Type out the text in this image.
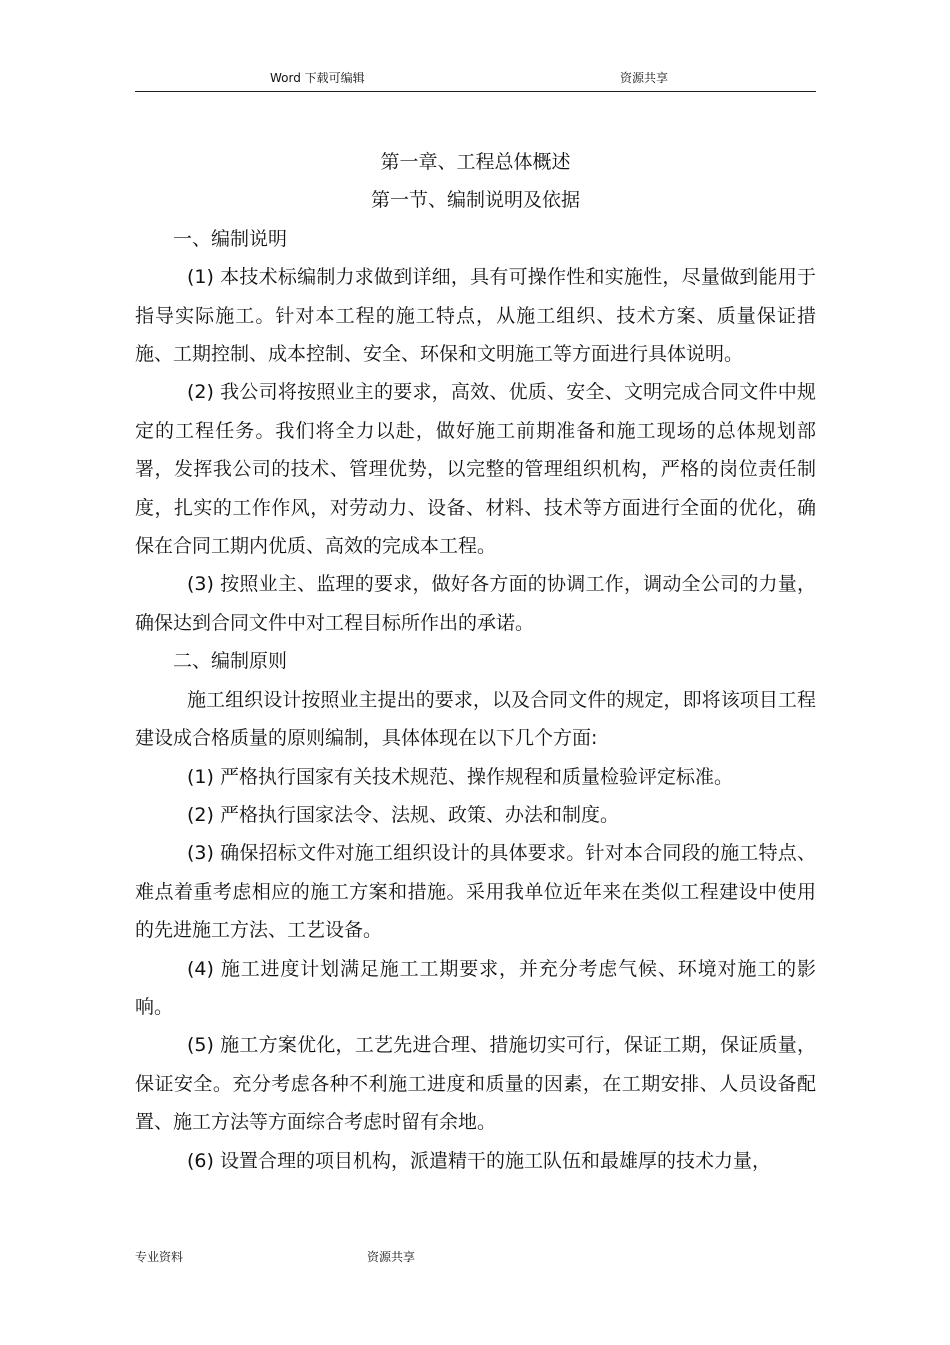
Word 下载可编辑	资源共享

第一章、工程总体概述

第一节、编制说明及依据

一、编制说明

(1) 本技术标编制力求做到详细，具有可操作性和实施性，尽量做到能用于指导实际施工。针对本工程的施工特点，从施工组织、技术方案、质量保证措施、工期控制、成本控制、安全、环保和文明施工等方面进行具体说明。

(2) 我公司将按照业主的要求，高效、优质、安全、文明完成合同文件中规定的工程任务。我们将全力以赴，做好施工前期准备和施工现场的总体规划部署，发挥我公司的技术、管理优势，以完整的管理组织机构，严格的岗位责任制度，扎实的工作作风，对劳动力、设备、材料、技术等方面进行全面的优化，确保在合同工期内优质、高效的完成本工程。

(3) 按照业主、监理的要求，做好各方面的协调工作，调动全公司的力量，确保达到合同文件中对工程目标所作出的承诺。

二、编制原则

施工组织设计按照业主提出的要求，以及合同文件的规定，即将该项目工程建设成合格质量的原则编制，具体体现在以下几个方面:

(1) 严格执行国家有关技术规范、操作规程和质量检验评定标准。

(2) 严格执行国家法令、法规、政策、办法和制度。

(3) 确保招标文件对施工组织设计的具体要求。针对本合同段的施工特点、难点着重考虑相应的施工方案和措施。采用我单位近年来在类似工程建设中使用的先进施工方法、工艺设备。

(4) 施工进度计划满足施工工期要求，并充分考虑气候、环境对施工的影响。

(5) 施工方案优化，工艺先进合理、措施切实可行，保证工期，保证质量，保证安全。充分考虑各种不利施工进度和质量的因素，在工期安排、人员设备配置、施工方法等方面综合考虑时留有余地。

(6) 设置合理的项目机构，派遣精干的施工队伍和最雄厚的技术力量，

专业资料	资源共享
